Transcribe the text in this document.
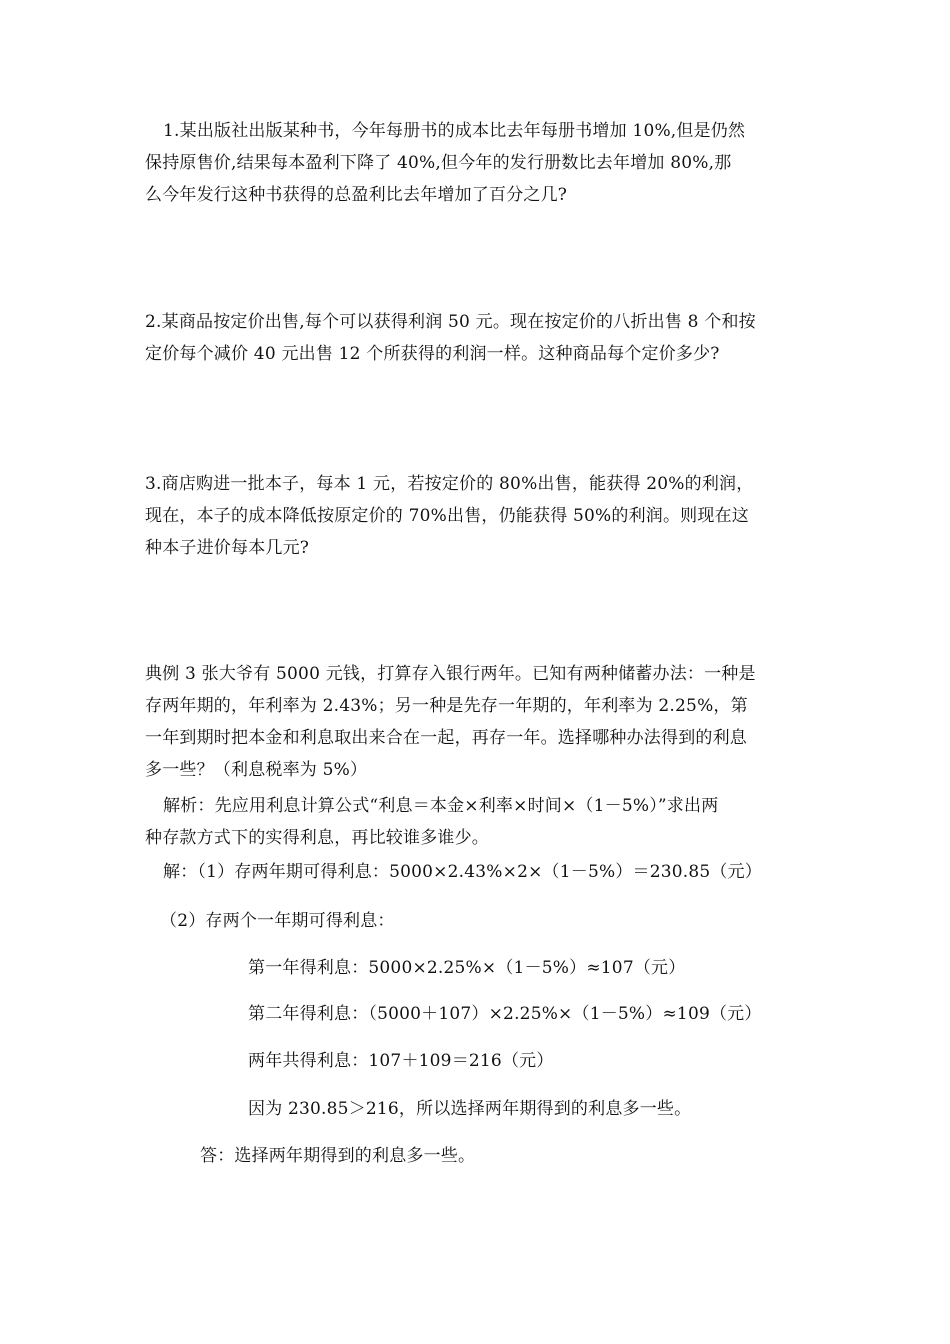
1.某出版社出版某种书，今年每册书的成本比去年每册书增加 10%,但是仍然
保持原售价,结果每本盈利下降了 40%,但今年的发行册数比去年增加 80%,那
么今年发行这种书获得的总盈利比去年增加了百分之几?
2.某商品按定价出售,每个可以获得利润 50 元。现在按定价的八折出售 8 个和按
定价每个减价 40 元出售 12 个所获得的利润一样。这种商品每个定价多少?
3.商店购进一批本子，每本 1 元，若按定价的 80%出售，能获得 20%的利润，
现在，本子的成本降低按原定价的 70%出售，仍能获得 50%的利润。则现在这
种本子进价每本几元?
典例 3 张大爷有 5000 元钱，打算存入银行两年。已知有两种储蓄办法：一种是
存两年期的，年利率为 2.43%；另一种是先存一年期的，年利率为 2.25%，第
一年到期时把本金和利息取出来合在一起，再存一年。选择哪种办法得到的利息
多一些？（利息税率为 5%）
解析：先应用利息计算公式“利息＝本金×利率×时间×（1－5%）”求出两
种存款方式下的实得利息，再比较谁多谁少。
解：（1）存两年期可得利息：5000×2.43%×2×（1－5%）＝230.85（元）
（2）存两个一年期可得利息：
第一年得利息：5000×2.25%×（1－5%）≈107（元）
第二年得利息：（5000＋107）×2.25%×（1－5%）≈109（元）
两年共得利息：107＋109＝216（元）
因为 230.85＞216，所以选择两年期得到的利息多一些。
答：选择两年期得到的利息多一些。
